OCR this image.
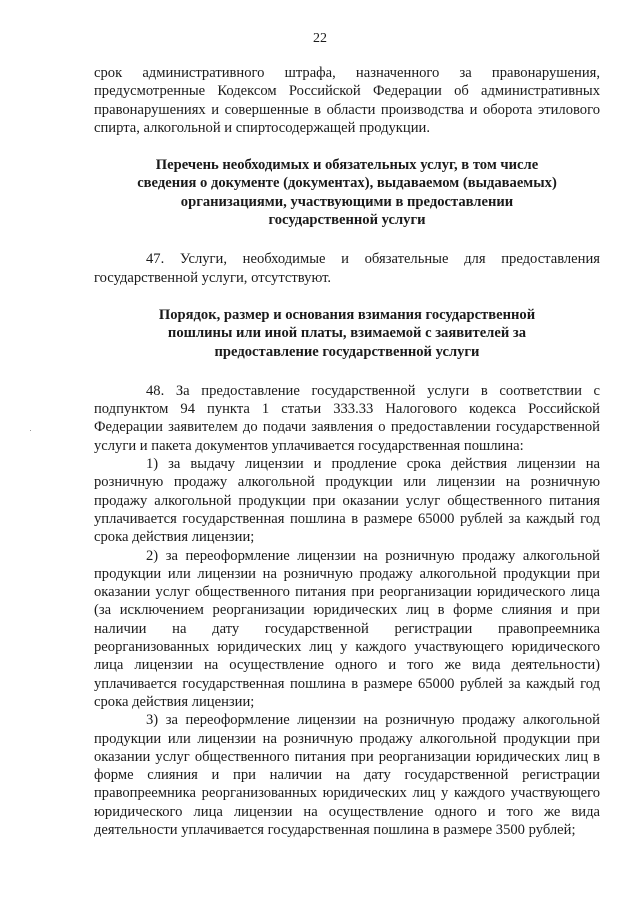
22

срок административного штрафа, назначенного за правонарушения, предусмотренные Кодексом Российской Федерации об административных правонарушениях и совершенные в области производства и оборота этилового спирта, алкогольной и спиртосодержащей продукции.

Перечень необходимых и обязательных услуг, в том числе сведения о документе (документах), выдаваемом (выдаваемых) организациями, участвующими в предоставлении государственной услуги

47. Услуги, необходимые и обязательные для предоставления государственной услуги, отсутствуют.

Порядок, размер и основания взимания государственной пошлины или иной платы, взимаемой с заявителей за предоставление государственной услуги

48. За предоставление государственной услуги в соответствии с подпунктом 94 пункта 1 статьи 333.33 Налогового кодекса Российской Федерации заявителем до подачи заявления о предоставлении государственной услуги и пакета документов уплачивается государственная пошлина:

1) за выдачу лицензии и продление срока действия лицензии на розничную продажу алкогольной продукции или лицензии на розничную продажу алкогольной продукции при оказании услуг общественного питания уплачивается государственная пошлина в размере 65000 рублей за каждый год срока действия лицензии;

2) за переоформление лицензии на розничную продажу алкогольной продукции или лицензии на розничную продажу алкогольной продукции при оказании услуг общественного питания при реорганизации юридического лица (за исключением реорганизации юридических лиц в форме слияния и при наличии на дату государственной регистрации правопреемника реорганизованных юридических лиц у каждого участвующего юридического лица лицензии на осуществление одного и того же вида деятельности) уплачивается государственная пошлина в размере 65000 рублей за каждый год срока действия лицензии;

3) за переоформление лицензии на розничную продажу алкогольной продукции или лицензии на розничную продажу алкогольной продукции при оказании услуг общественного питания при реорганизации юридических лиц в форме слияния и при наличии на дату государственной регистрации правопреемника реорганизованных юридических лиц у каждого участвующего юридического лица лицензии на осуществление одного и того же вида деятельности уплачивается государственная пошлина в размере 3500 рублей;
